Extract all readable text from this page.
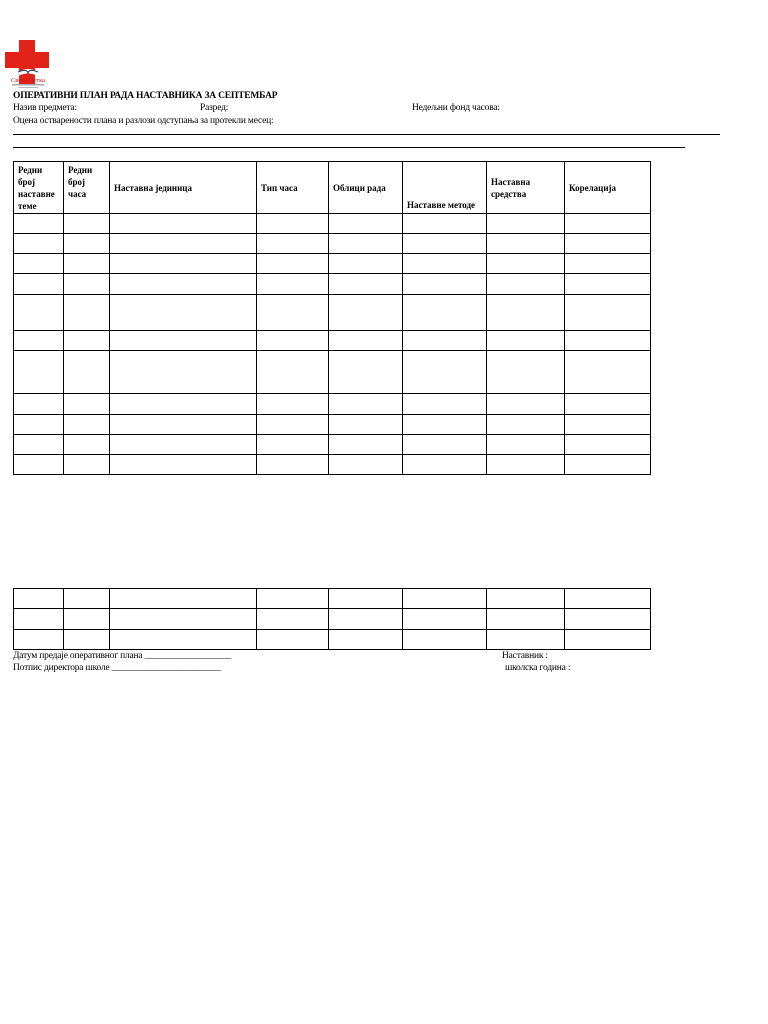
Света Петка
ОПЕРАТИВНИ ПЛАН РАДА НАСТАВНИКА ЗА СЕПТЕМБАР
Назив предмета:	Разред:	Недељни фонд часова:
Оцена остварености плана и разлози одступања за протекли месец:
Редни број наставне теме	Редни број часа	Наставна јединица	Тип часа	Облици рада	Наставне методе	Наставна средства	Корелација

Датум предаје оперативног плана ___________________
Потпис директора школе ________________________
Наставник :
школска година :
